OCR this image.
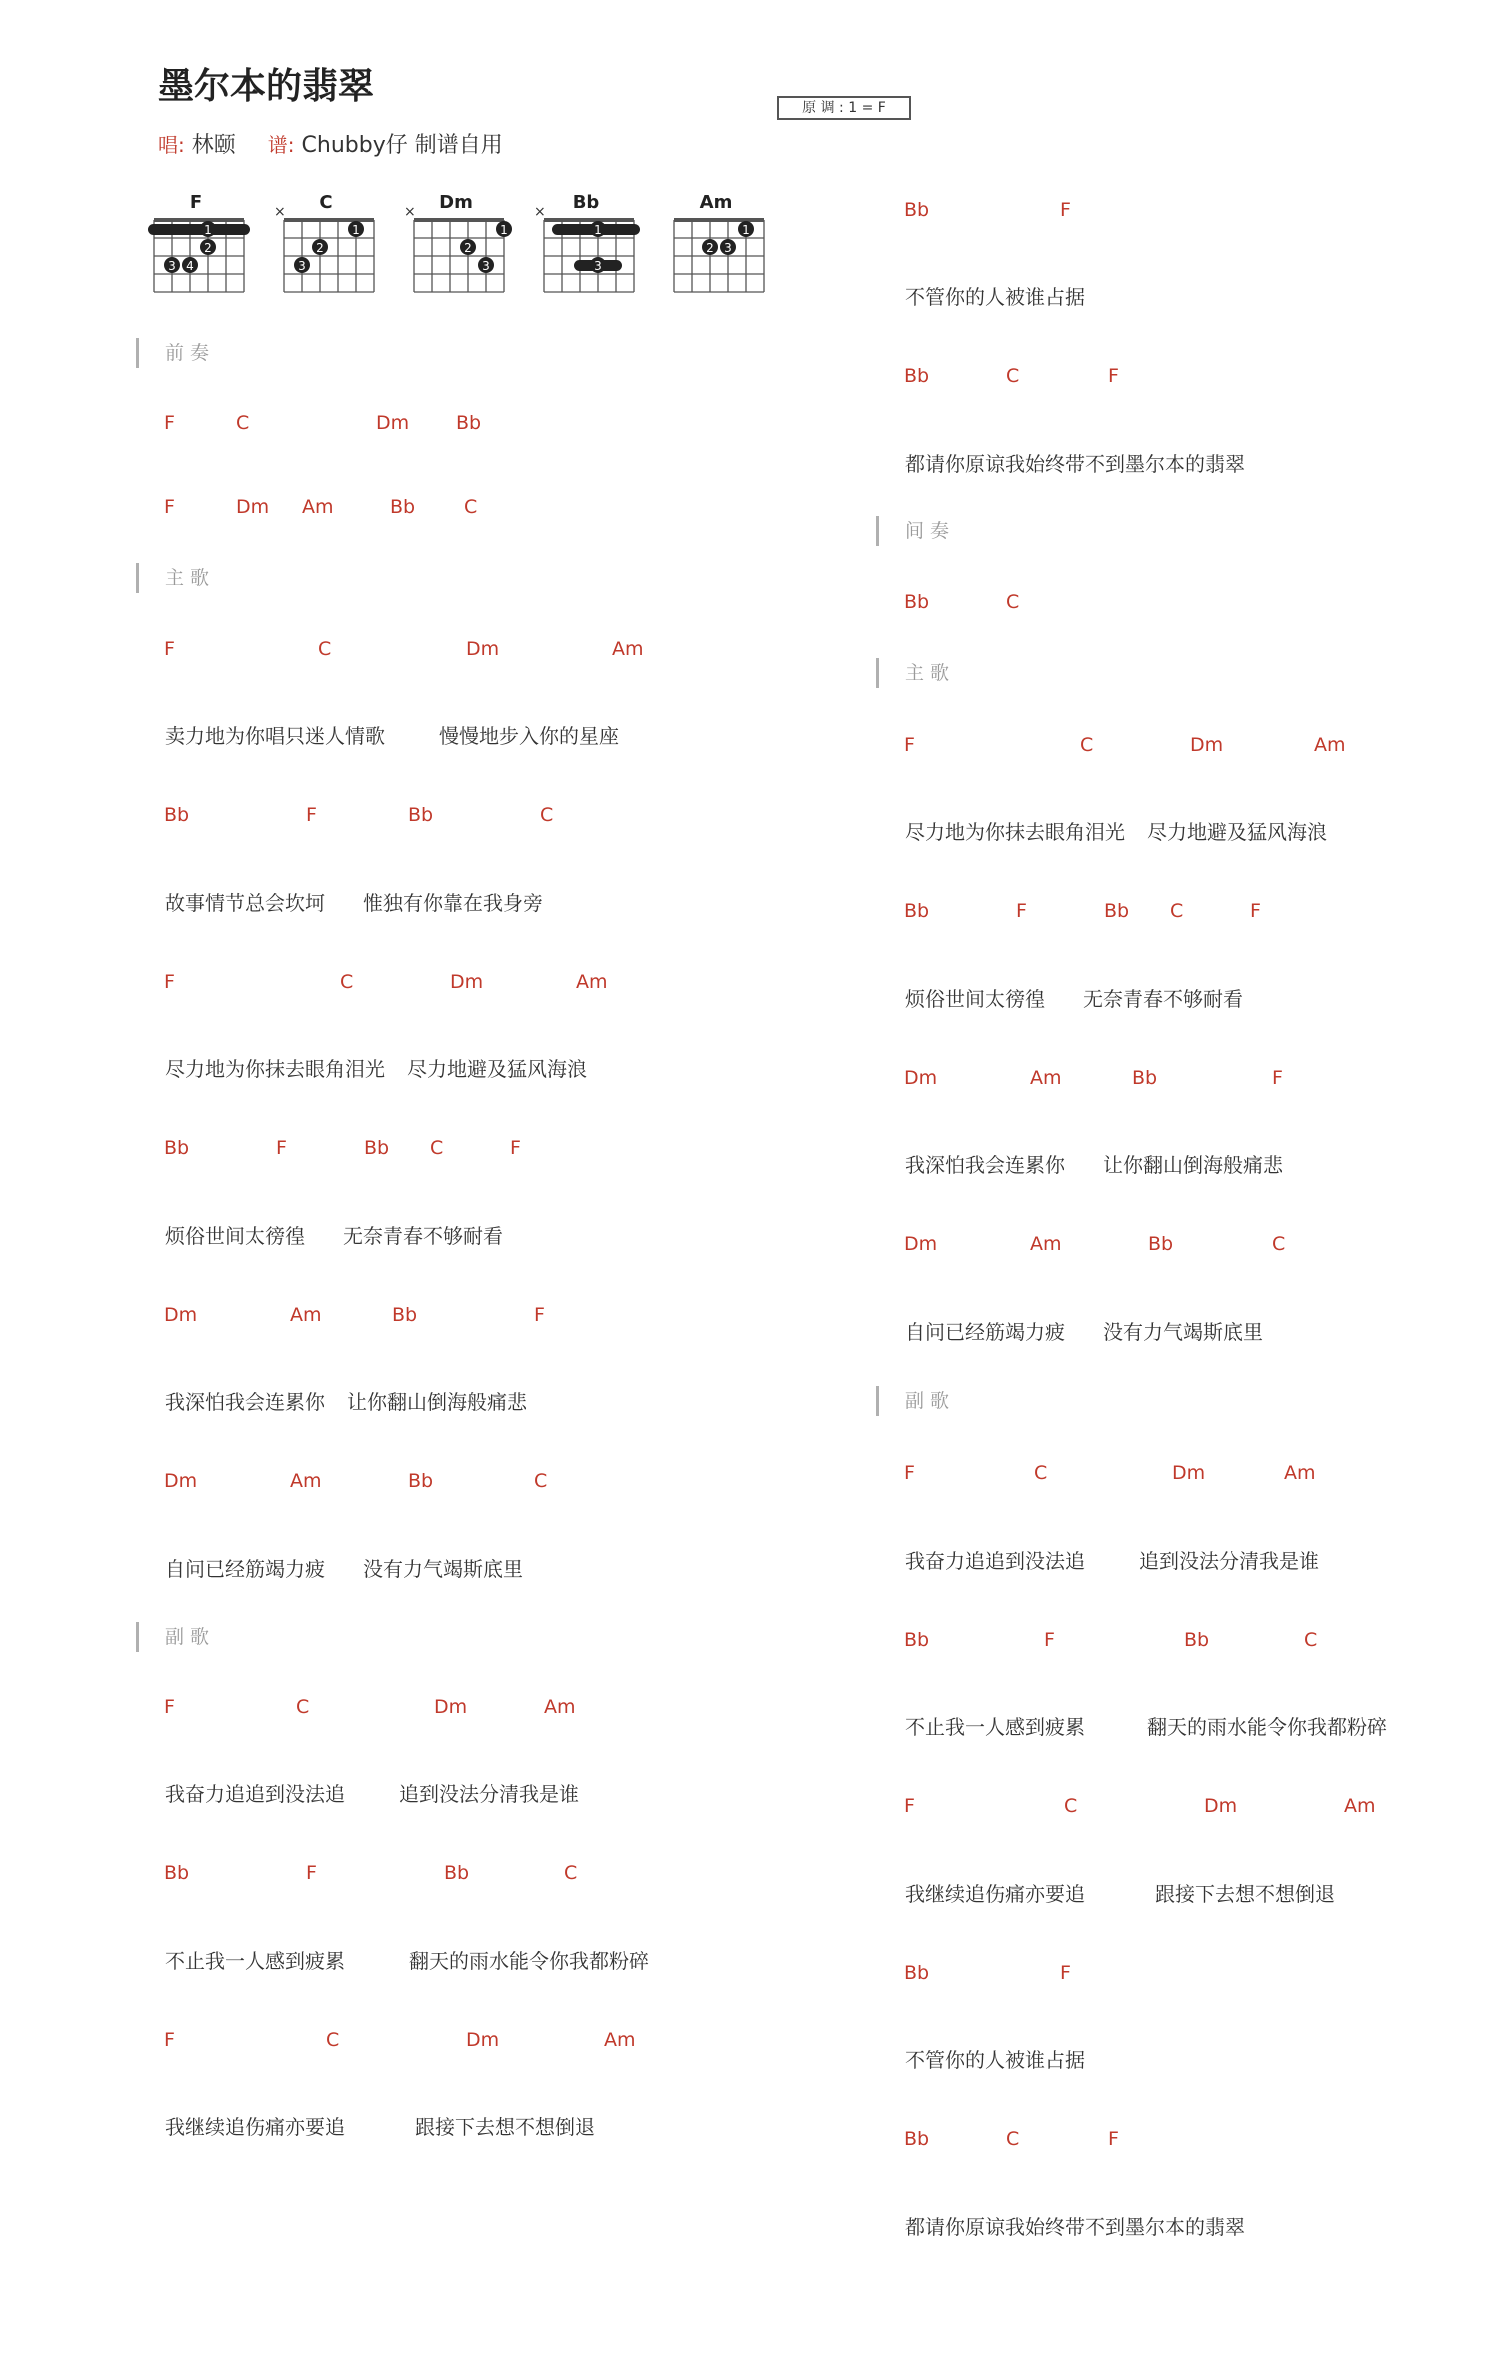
墨尔本的翡翠
原 调 : 1 = F
唱: 林颐 谱: Chubby仔 制谱自用
F
1
2
3 4
C
×
1
2
3
Dm
×
1
2
3
Bb
×
1
3
Am
1
2 3
前 奏
F	C	Dm Bb
F	Dm Am	Bb	C
主 歌
F	C	Dm	Am
卖力地为你唱只迷人情歌	慢慢地步入你的星座
Bb	F	Bb	C
故事情节总会坎坷 惟独有你靠在我身旁
F	C	Dm	Am
尽力地为你抹去眼角泪光 尽力地避及猛风海浪
Bb	F	Bb C	F
烦俗世间太徬徨 无奈青春不够耐看
Dm	Am	Bb	F
我深怕我会连累你 让你翻山倒海般痛悲
Dm	Am	Bb	C
自问已经筋竭力疲 没有力气竭斯底里
副 歌
F	C	Dm	Am
我奋力追追到没法追	追到没法分清我是谁
Bb	F	Bb	C
不止我一人感到疲累	翻天的雨水能令你我都粉碎
F	C	Dm	Am
我继续追伤痛亦要追	跟接下去想不想倒退
Bb	F
不管你的人被谁占据
Bb	C	F
都请你原谅我始终带不到墨尔本的翡翠
间 奏
Bb	C
主 歌
F	C	Dm	Am
尽力地为你抹去眼角泪光 尽力地避及猛风海浪
Bb	F	Bb C	F
烦俗世间太徬徨 无奈青春不够耐看
Dm	Am	Bb	F
我深怕我会连累你 让你翻山倒海般痛悲
Dm	Am	Bb	C
自问已经筋竭力疲 没有力气竭斯底里
副 歌
F	C	Dm	Am
我奋力追追到没法追	追到没法分清我是谁
Bb	F	Bb	C
不止我一人感到疲累	翻天的雨水能令你我都粉碎
F	C	Dm	Am
我继续追伤痛亦要追	跟接下去想不想倒退
Bb	F
不管你的人被谁占据
Bb	C	F
都请你原谅我始终带不到墨尔本的翡翠
